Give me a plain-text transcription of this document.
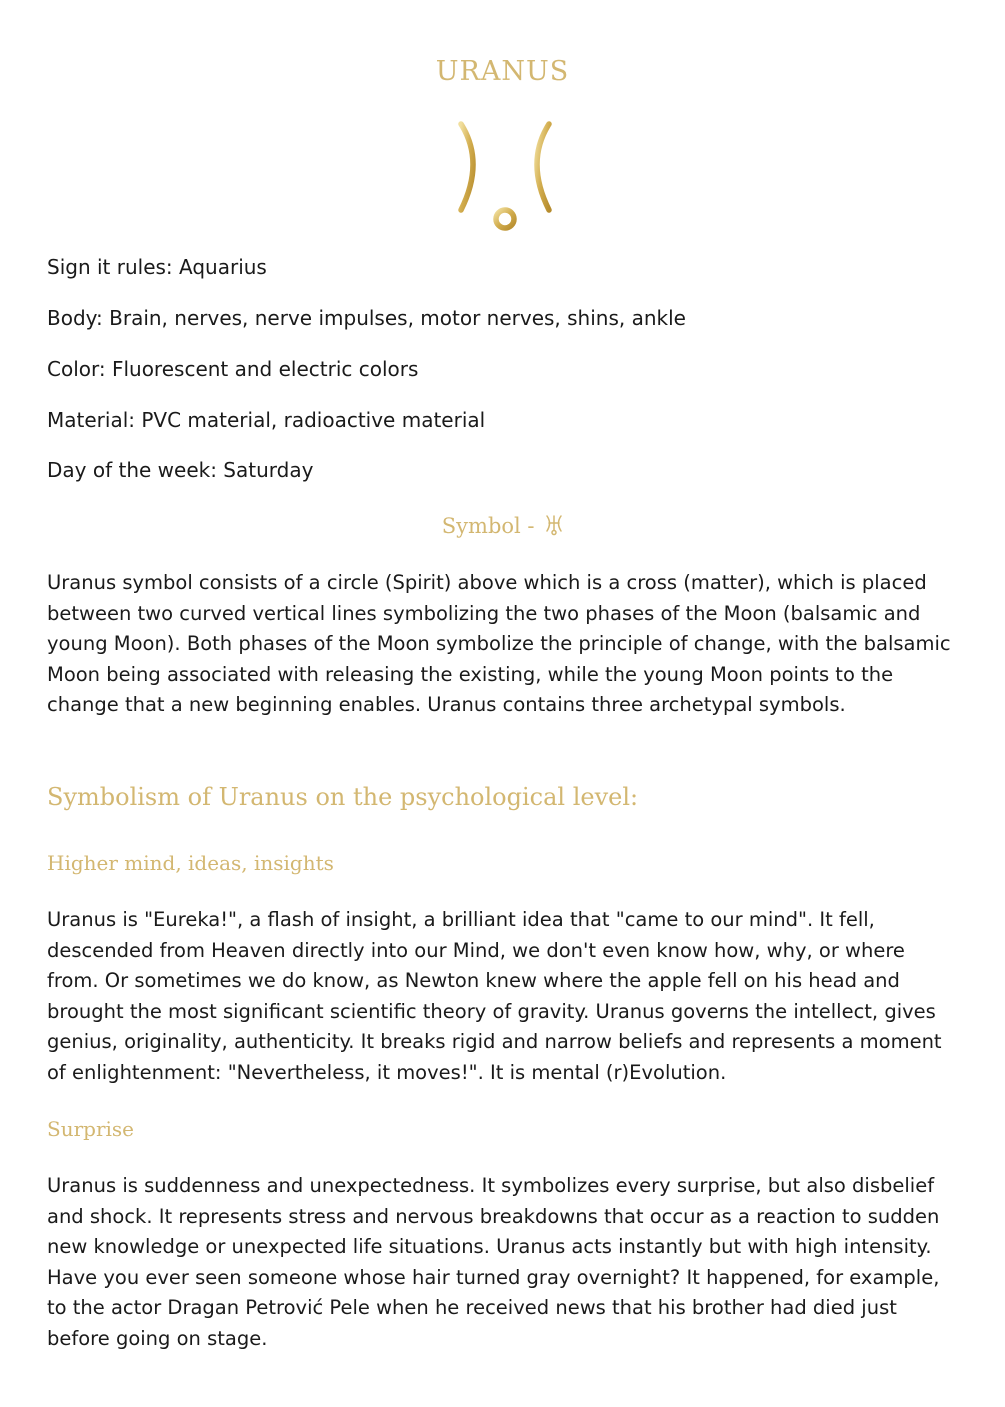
URANUS
Sign it rules: Aquarius
Body: Brain, nerves, nerve impulses, motor nerves, shins, ankle
Color: Fluorescent and electric colors
Material: PVC material, radioactive material
Day of the week: Saturday
Symbol -

Uranus symbol consists of a circle (Spirit) above which is a cross (matter), which is placed between two curved vertical lines symbolizing the two phases of the Moon (balsamic and young Moon). Both phases of the Moon symbolize the principle of change, with the balsamic Moon being associated with releasing the existing, while the young Moon points to the change that a new beginning enables. Uranus contains three archetypal symbols.

Symbolism of Uranus on the psychological level:
Higher mind, ideas, insights

Uranus is "Eureka!", a flash of insight, a brilliant idea that "came to our mind". It fell, descended from Heaven directly into our Mind, we don't even know how, why, or where from. Or sometimes we do know, as Newton knew where the apple fell on his head and brought the most significant scientific theory of gravity. Uranus governs the intellect, gives genius, originality, authenticity. It breaks rigid and narrow beliefs and represents a moment of enlightenment: "Nevertheless, it moves!". It is mental (r)Evolution.

Surprise

Uranus is suddenness and unexpectedness. It symbolizes every surprise, but also disbelief and shock. It represents stress and nervous breakdowns that occur as a reaction to sudden new knowledge or unexpected life situations. Uranus acts instantly but with high intensity. Have you ever seen someone whose hair turned gray overnight? It happened, for example, to the actor Dragan Petrović Pele when he received news that his brother had died just before going on stage.
